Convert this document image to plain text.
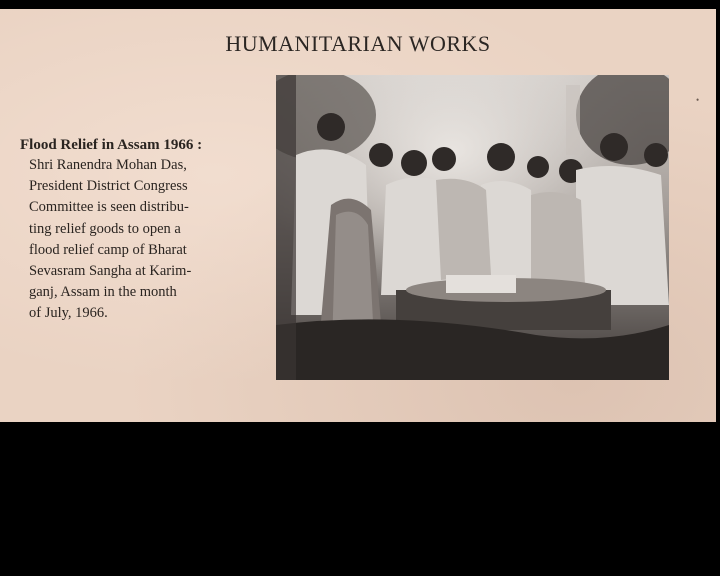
HUMANITARIAN WORKS
Flood Relief in Assam 1966 :
Shri Ranendra Mohan Das,
President District Congress
Committee is seen distribu-
ting relief goods to open a
flood relief camp of Bharat
Sevasram Sangha at Karim-
ganj, Assam in the month
of July, 1966.
•
